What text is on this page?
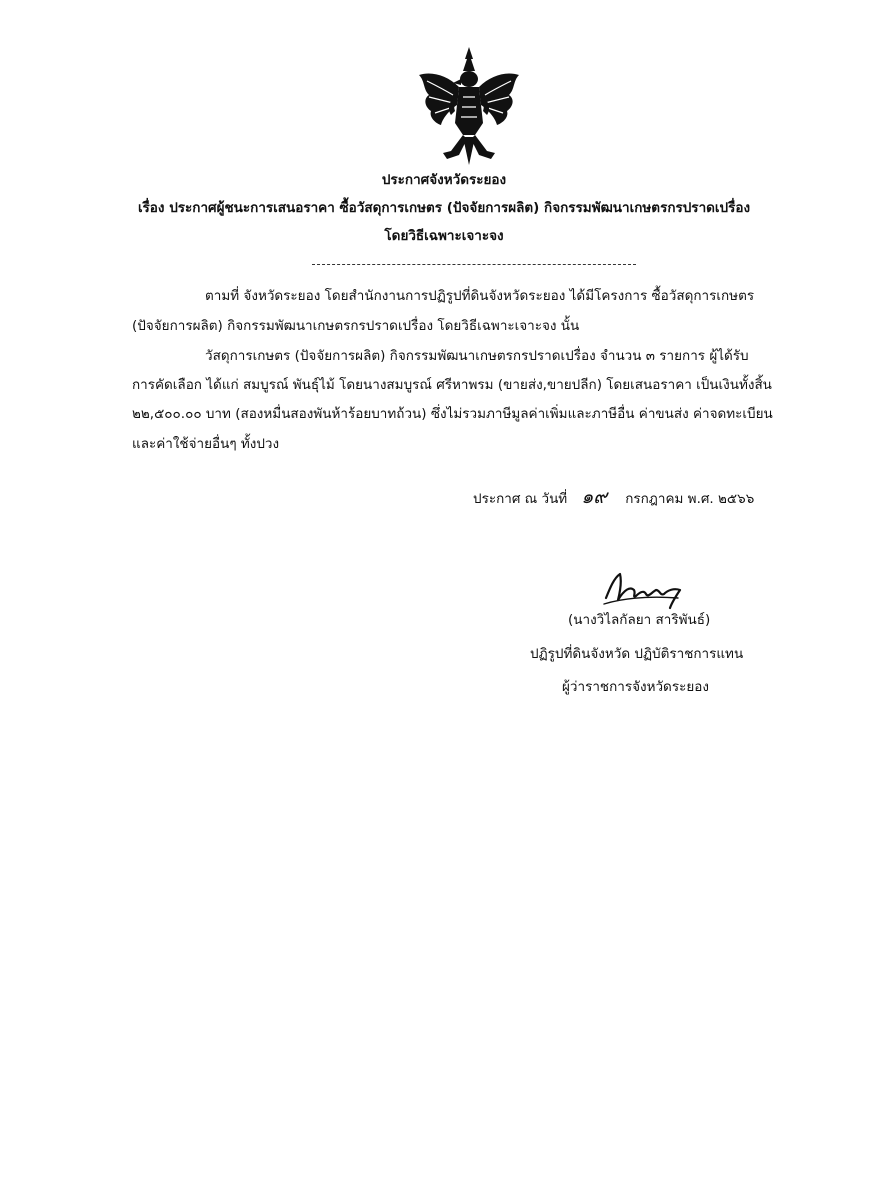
ประกาศจังหวัดระยอง
เรื่อง ประกาศผู้ชนะการเสนอราคา ซื้อวัสดุการเกษตร (ปัจจัยการผลิต) กิจกรรมพัฒนาเกษตรกรปราดเปรื่อง
โดยวิธีเฉพาะเจาะจง
ตามที่ จังหวัดระยอง โดยสำนักงานการปฏิรูปที่ดินจังหวัดระยอง ได้มีโครงการ ซื้อวัสดุการเกษตร
(ปัจจัยการผลิต) กิจกรรมพัฒนาเกษตรกรปราดเปรื่อง โดยวิธีเฉพาะเจาะจง นั้น
วัสดุการเกษตร (ปัจจัยการผลิต) กิจกรรมพัฒนาเกษตรกรปราดเปรื่อง จำนวน ๓ รายการ ผู้ได้รับ
การคัดเลือก ได้แก่ สมบูรณ์ พันธุ์ไม้ โดยนางสมบูรณ์ ศรีหาพรม (ขายส่ง,ขายปลีก) โดยเสนอราคา เป็นเงินทั้งสิ้น
๒๒,๕๐๐.๐๐ บาท (สองหมื่นสองพันห้าร้อยบาทถ้วน) ซึ่งไม่รวมภาษีมูลค่าเพิ่มและภาษีอื่น ค่าขนส่ง ค่าจดทะเบียน
และค่าใช้จ่ายอื่นๆ ทั้งปวง
ประกาศ ณ วันที่ ๑๙ กรกฎาคม พ.ศ. ๒๕๖๖
(นางวิไลกัลยา สาริพันธ์)
ปฏิรูปที่ดินจังหวัด ปฏิบัติราชการแทน
ผู้ว่าราชการจังหวัดระยอง
